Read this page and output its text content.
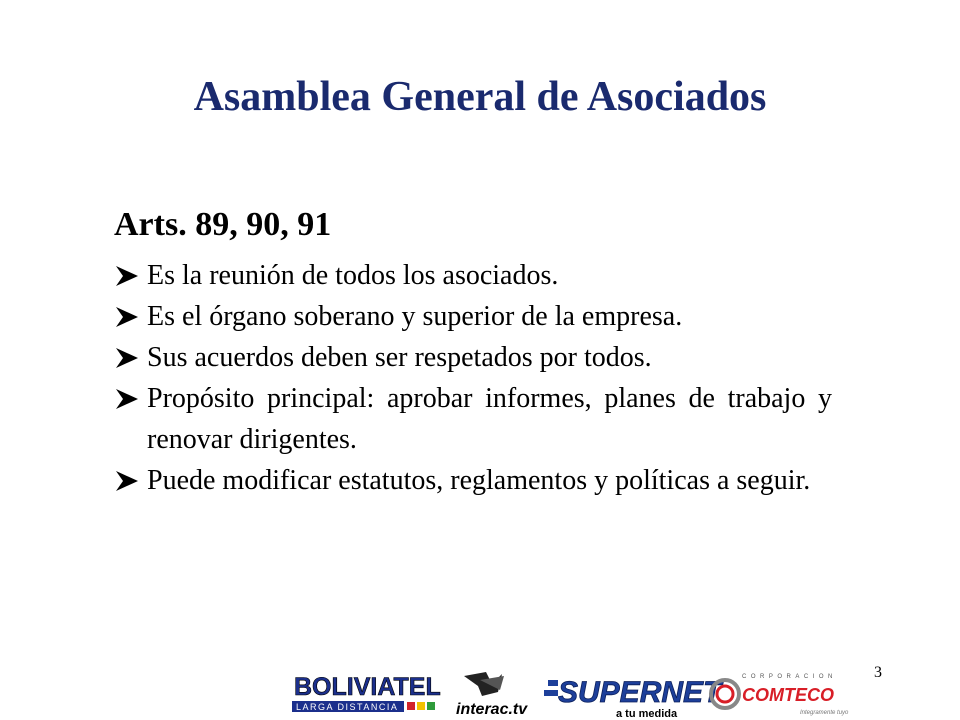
Asamblea General de Asociados
Arts. 89, 90, 91
Es la reunión de todos los asociados.
Es el órgano soberano y superior de la empresa.
Sus acuerdos deben ser respetados por todos.
Propósito principal: aprobar informes, planes de trabajo y renovar dirigentes.
Puede modificar estatutos, reglamentos y políticas a seguir.
3
BOLIVIATEL
LARGA DISTANCIA	interac.tv
SUPERNET
a tu medida
CORPORACION
COMTECO
Integramente tuyo
